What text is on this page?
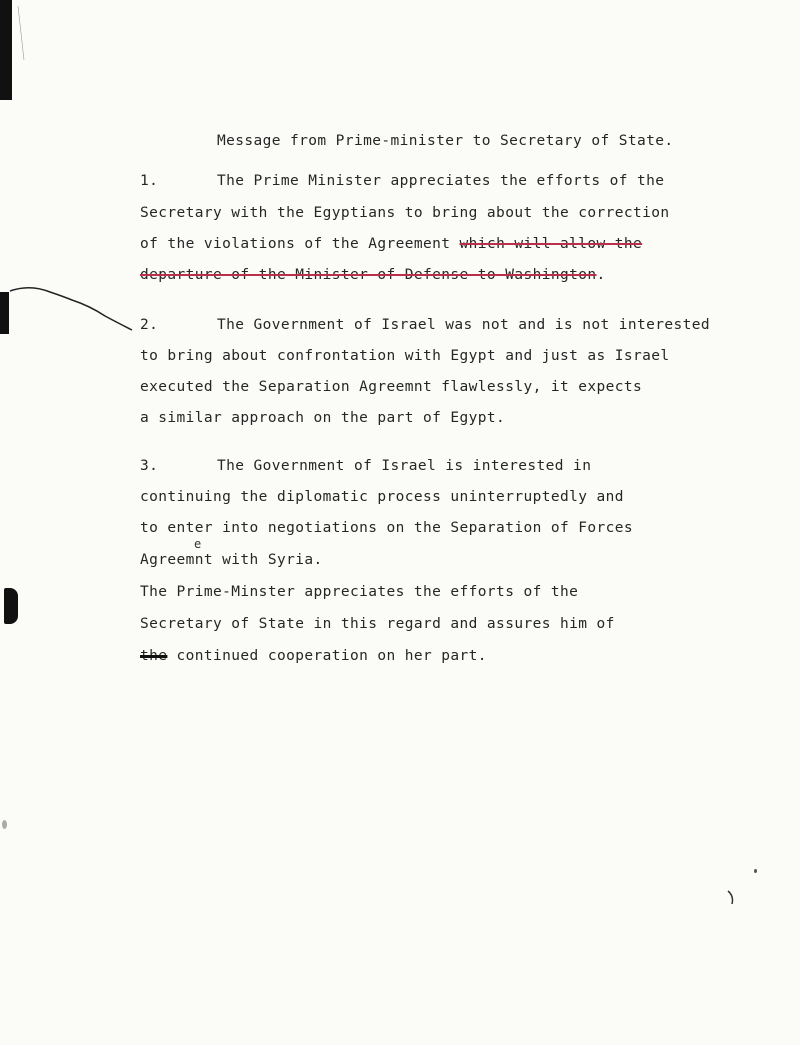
Message from Prime-minister to Secretary of State.
1.	The Prime Minister appreciates the efforts of the
Secretary with the Egyptians to bring about the correction
of the violations of the Agreement which will allow the
departure of the Minister of Defense to Washington.
2.	The Government of Israel was not and is not interested
to bring about confrontation with Egypt and just as Israel
executed the Separation Agreemnt flawlessly, it expects
a similar approach on the part of Egypt.
3.	The Government of Israel is interested in
continuing the diplomatic process uninterruptedly and
to enter into negotiations on the Separation of Forces
e
Agreemnt with Syria.
The Prime-Minster appreciates the efforts of the
Secretary of State in this regard and assures him of
the continued cooperation on her part.
